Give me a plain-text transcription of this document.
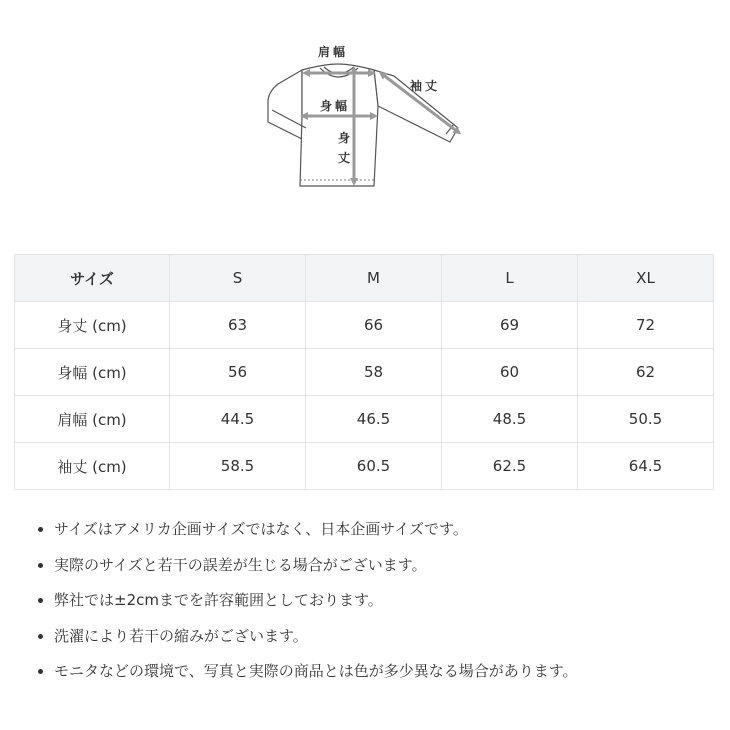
肩幅
袖丈
身幅
身
丈
サイズ	S	M	L	XL
身丈 (cm)	63	66	69	72
身幅 (cm)	56	58	60	62
肩幅 (cm)	44.5	46.5	48.5	50.5
袖丈 (cm)	58.5	60.5	62.5	64.5
• サイズはアメリカ企画サイズではなく、日本企画サイズです。
• 実際のサイズと若干の誤差が生じる場合がございます。
• 弊社では±2cmまでを許容範囲としております。
• 洗濯により若干の縮みがございます。
• モニタなどの環境で、写真と実際の商品とは色が多少異なる場合があります。
